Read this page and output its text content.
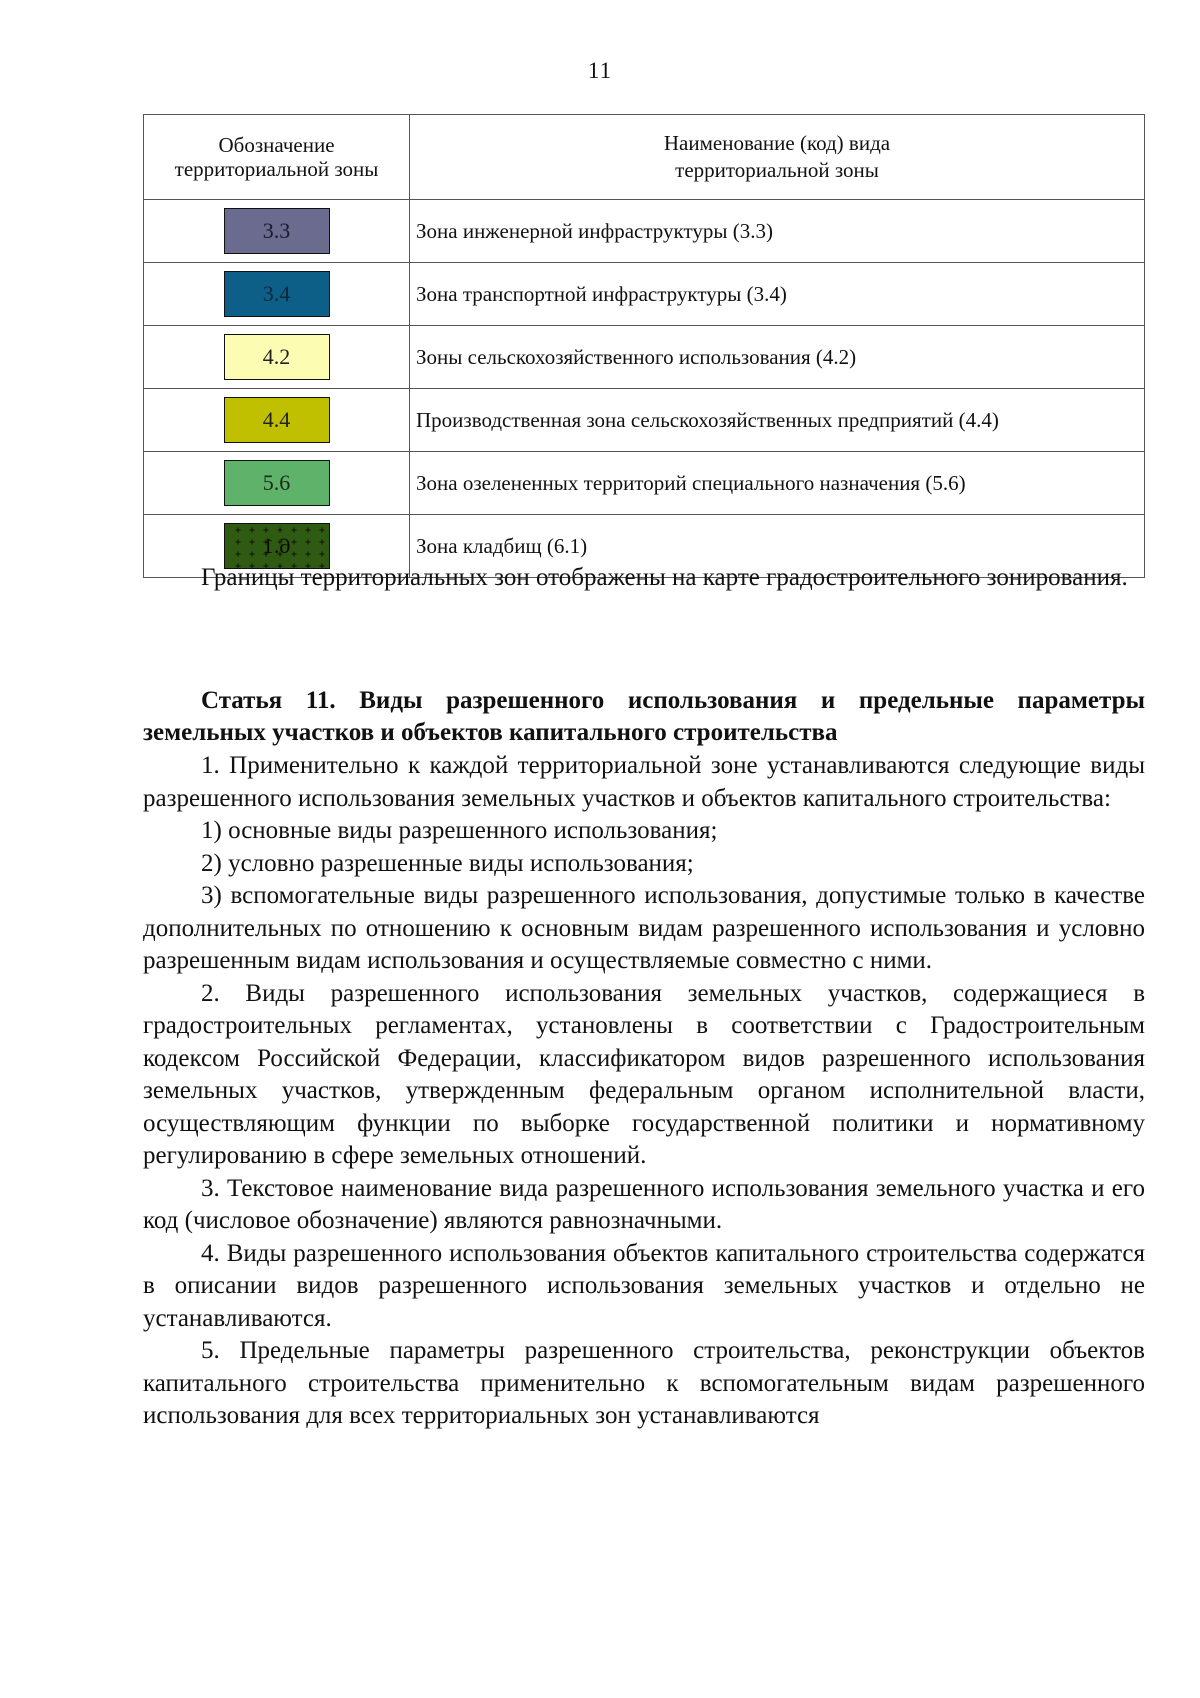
11
Обозначение территориальной зоны	Наименование (код) вида
территориальной зоны

3.3	Зона инженерной инфраструктуры (3.3)
3.4	Зона транспортной инфраструктуры (3.4)
4.2	Зоны сельскохозяйственного использования (4.2)
4.4	Производственная зона сельскохозяйственных предприятий (4.4)
5.6	Зона озелененных территорий специального назначения (5.6)

6.1	Зона кладбищ (6.1)

Границы территориальных зон отображены на карте градостроительного зонирования.

Статья 11. Виды разрешенного использования и предельные параметры земельных участков и объектов капитального строительства

1. Применительно к каждой территориальной зоне устанавливаются следующие виды разрешенного использования земельных участков и объектов капитального строительства:

1) основные виды разрешенного использования;

2) условно разрешенные виды использования;

3) вспомогательные виды разрешенного использования, допустимые только в качестве дополнительных по отношению к основным видам разрешенного использования и условно разрешенным видам использования и осуществляемые совместно с ними.

2. Виды разрешенного использования земельных участков, содержащиеся в градостроительных регламентах, установлены в соответствии с Градостроительным кодексом Российской Федерации, классификатором видов разрешенного использования земельных участков, утвержденным федеральным органом исполнительной власти, осуществляющим функции по выборке государственной политики и нормативному регулированию в сфере земельных отношений.

3. Текстовое наименование вида разрешенного использования земельного участка и его код (числовое обозначение) являются равнозначными.

4. Виды разрешенного использования объектов капитального строительства содержатся в описании видов разрешенного использования земельных участков и отдельно не устанавливаются.

5. Предельные параметры разрешенного строительства, реконструкции объектов капитального строительства применительно к вспомогательным видам разрешенного использования для всех территориальных зон устанавливаются
